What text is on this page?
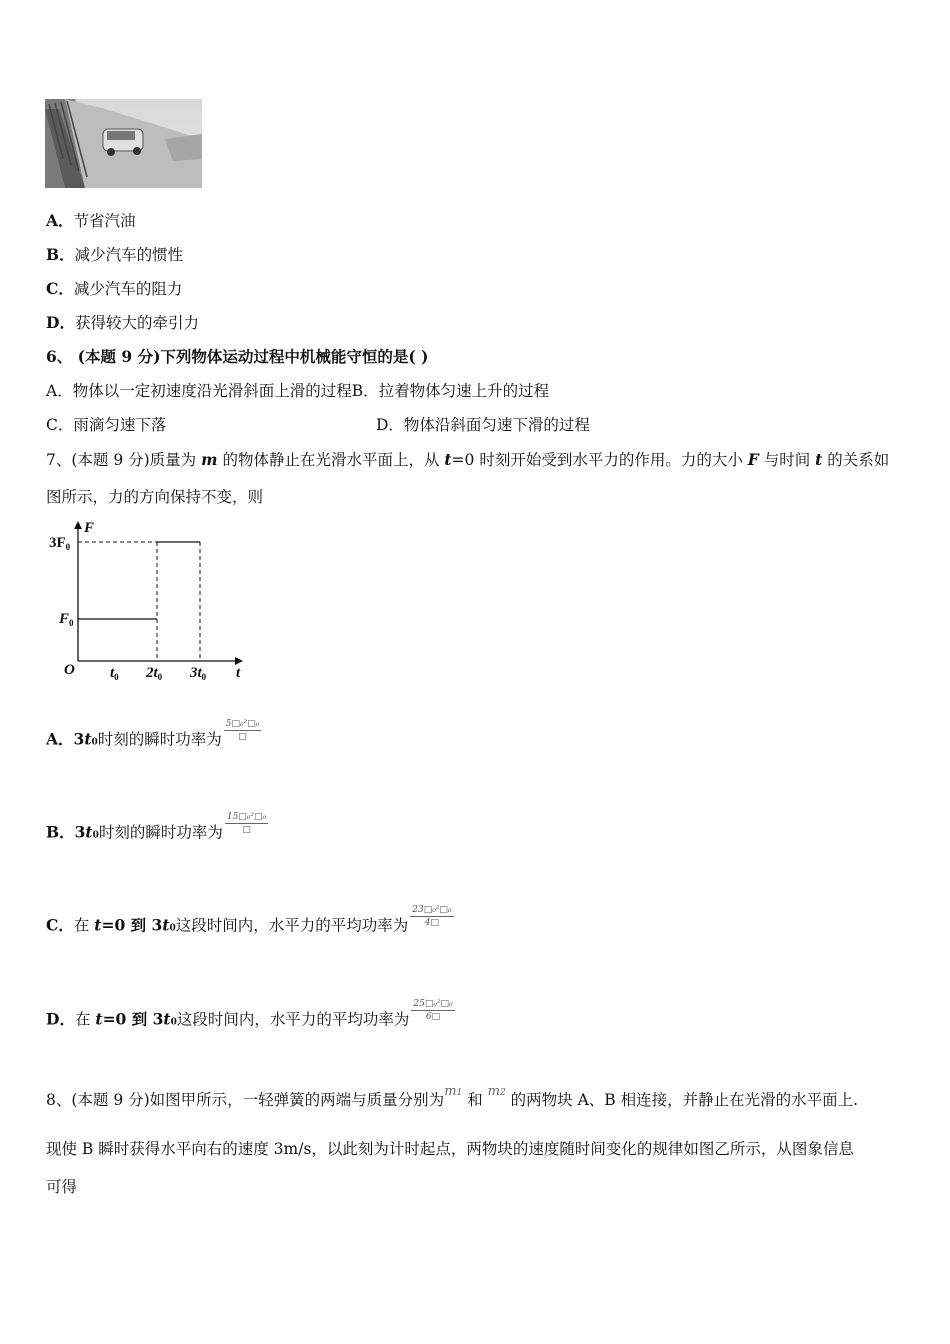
A．节省汽油
B．减少汽车的惯性
C．减少汽车的阻力
D．获得较大的牵引力
6、 (本题 9 分)下列物体运动过程中机械能守恒的是( )
A．物体以一定初速度沿光滑斜面上滑的过程B．拉着物体匀速上升的过程
C．雨滴匀速下落	D．物体沿斜面匀速下滑的过程
7、(本题 9 分)质量为 m 的物体静止在光滑水平面上，从 t=0 时刻开始受到水平力的作用。力的大小 F 与时间 t 的关系如
图所示，力的方向保持不变，则
F
t
O
$3F_0$
$F_0$
$t_0$ $2t_0$ $3t_0$
A．3t0时刻的瞬时功率为 $\frac{\text{5□₀²□₀}}{□}$
B．3t0时刻的瞬时功率为 $\frac{\text{15□₀²□₀}}{□}$
C．在 t=0 到 3t0这段时间内，水平力的平均功率为 $\frac{\text{23□₀²□₀}}{4□}$
D．在 t=0 到 3t0这段时间内，水平力的平均功率为 $\frac{\text{25□₀²□₀}}{6□}$
8、(本题 9 分)如图甲所示，一轻弹簧的两端与质量分别为$^{m1}$ 和 $^{m2}$ 的两物块 A、B 相连接，并静止在光滑的水平面上.
现使 B 瞬时获得水平向右的速度 3m/s，以此刻为计时起点，两物块的速度随时间变化的规律如图乙所示，从图象信息
可得
